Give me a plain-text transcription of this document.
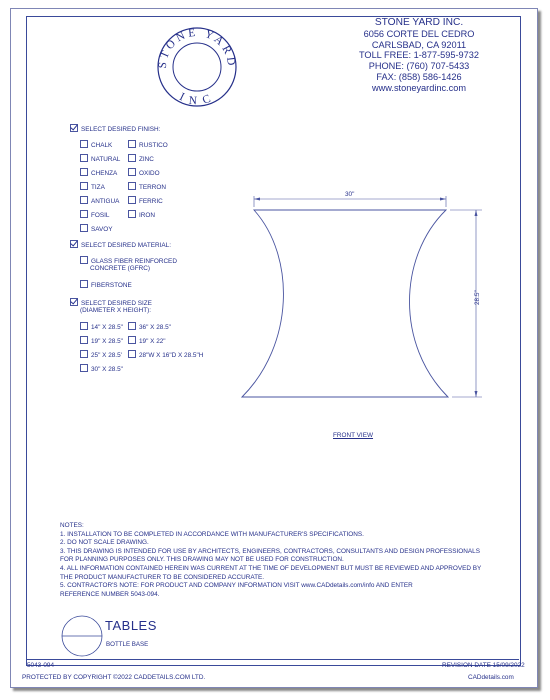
STONE YARD
INC
STONE YARD INC.
6056 CORTE DEL CEDRO
CARLSBAD, CA 92011
TOLL FREE: 1-877-595-9732
PHONE: (760) 707-5433
FAX: (858) 586-1426
www.stoneyardinc.com
SELECT DESIRED FINISH:
CHALK
NATURAL
CHENZA
TIZA
ANTIGUA
FOSIL
SAVOY
RUSTICO
ZINC
OXIDO
TERRON
FERRIC
IRON
SELECT DESIRED MATERIAL:
GLASS FIBER REINFORCED
CONCRETE (GFRC)
FIBERSTONE
SELECT DESIRED SIZE
(DIAMETER X HEIGHT):
14" X 28.5"
19" X 28.5"
25" X 28.5'
30" X 28.5"
36" X 28.5"
19" X 22"
28"W X 16"D X 28.5"H
30"
28.5"
FRONT VIEW
NOTES:
1. INSTALLATION TO BE COMPLETED IN ACCORDANCE WITH MANUFACTURER'S SPECIFICATIONS.
2. DO NOT SCALE DRAWING.
3. THIS DRAWING IS INTENDED FOR USE BY ARCHITECTS, ENGINEERS, CONTRACTORS, CONSULTANTS AND DESIGN PROFESSIONALS
FOR PLANNING PURPOSES ONLY. THIS DRAWING MAY NOT BE USED FOR CONSTRUCTION.
4. ALL INFORMATION CONTAINED HEREIN WAS CURRENT AT THE TIME OF DEVELOPMENT BUT MUST BE REVIEWED AND APPROVED BY
THE PRODUCT MANUFACTURER TO BE CONSIDERED ACCURATE.
5. CONTRACTOR'S NOTE: FOR PRODUCT AND COMPANY INFORMATION VISIT www.CADdetails.com/info AND ENTER
REFERENCE NUMBER 5043-094.
TABLES
BOTTLE BASE
5043-094	REVISION DATE 15/09/2022
PROTECTED BY COPYRIGHT ©2022 CADDETAILS.COM LTD.	CADdetails.com
